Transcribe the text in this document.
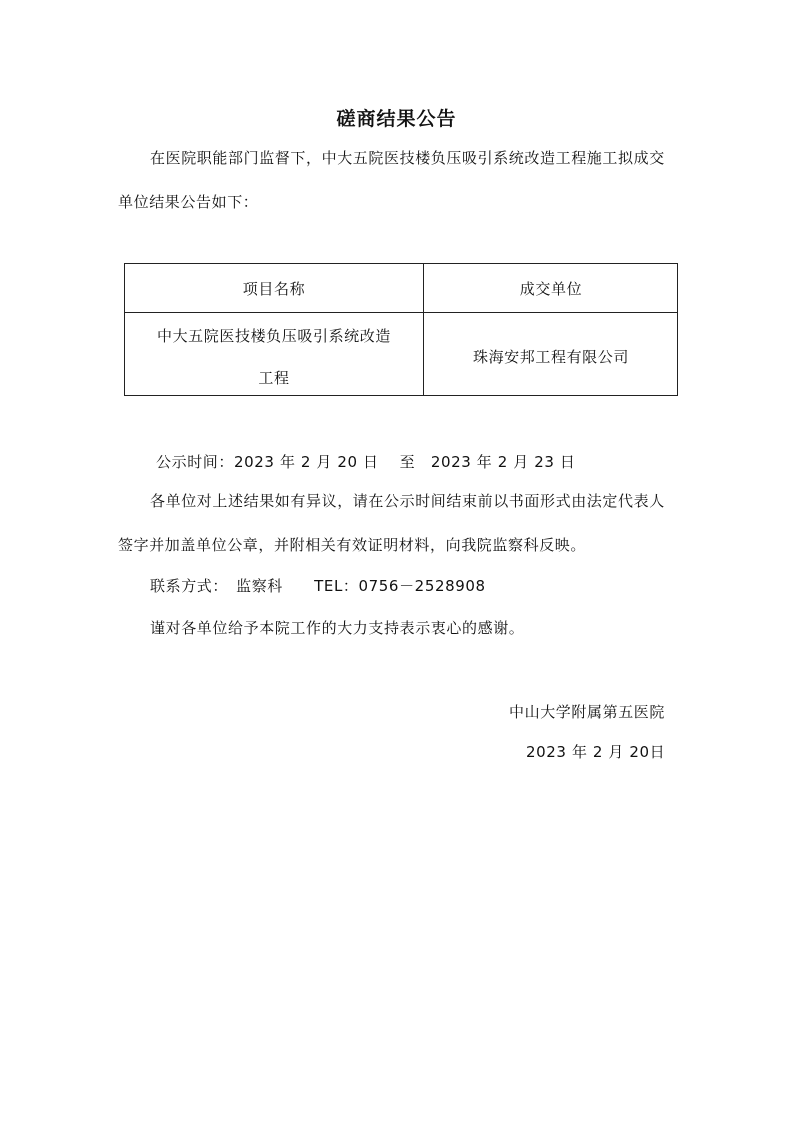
磋商结果公告
在医院职能部门监督下，中大五院医技楼负压吸引系统改造工程施工拟成交
单位结果公告如下：
项目名称	成交单位
中大五院医技楼负压吸引系统改造
工程
珠海安邦工程有限公司
公示时间：2023 年 2 月 20 日　 至　2023 年 2 月 23 日
各单位对上述结果如有异议，请在公示时间结束前以书面形式由法定代表人
签字并加盖单位公章，并附相关有效证明材料，向我院监察科反映。
联系方式：　监察科　　TEL：0756－2528908
谨对各单位给予本院工作的大力支持表示衷心的感谢。
中山大学附属第五医院
2023 年 2 月 20日
